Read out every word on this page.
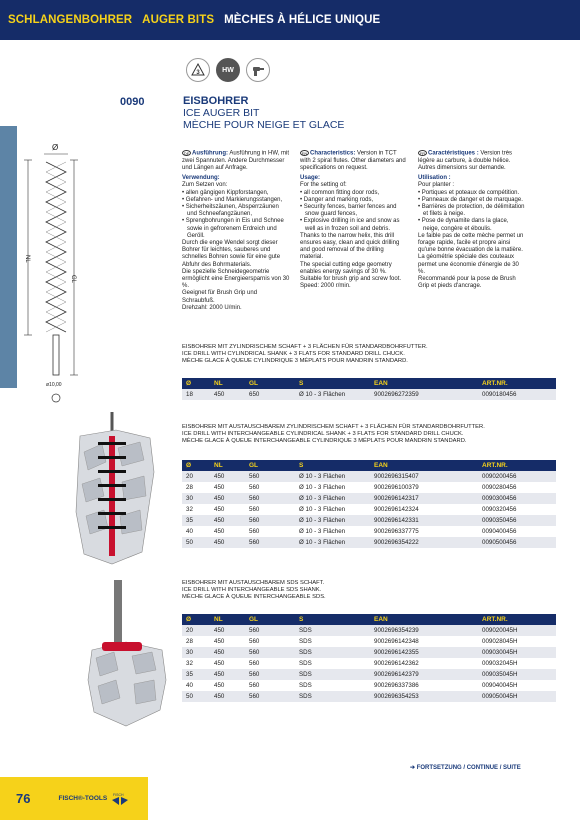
SCHLANGENBOHRER AUGER BITS MÈCHES À HÉLICE UNIQUE
3	HW
0090	EISBOHRER
ICE AUGER BIT
MÈCHE POUR NEIGE ET GLACE
Ø
NL
GL
ø10,00
DE Ausführung: Ausführung in HW, mit zwei Spannuten. Andere Durchmesser und Längen auf Anfrage.
Verwendung:
Zum Setzen von:
• allen gängigen Kippforstangen,
• Gefahren- und Markierungsstangen,
• Sicherheitszäunen, Absperrzäunen und Schneefangzäunen,
• Sprengbohrungen in Eis und Schnee sowie in gefrorenem Erdreich und Geröll.
Durch die enge Wendel sorgt dieser Bohrer für leichtes, sauberes und schnelles Bohren sowie für eine gute Abfuhr des Bohrmaterials.
Die spezielle Schneidegeometrie ermöglicht eine Energieersparnis von 30 %.
Geeignet für Brush Grip und Schraubfuß.
Drehzahl: 2000 U/min.
EN Characteristics: Version in TCT with 2 spiral flutes. Other diameters and specifications on request.
Usage:
For the setting of:
• all common fitting door rods,
• Danger and marking rods,
• Security fences, barrier fences and snow guard fences,
• Explosive drilling in ice and snow as well as in frozen soil and debris.
Thanks to the narrow helix, this drill ensures easy, clean and quick drilling and good removal of the drilling material.
The special cutting edge geometry enables energy savings of 30 %.
Suitable for brush grip and screw foot.
Speed: 2000 r/min.
FR Caractéristiques : Version très légère au carbure, à double hélice. Autres dimensions sur demande.
Utilisation :
Pour planter :
• Portiques et poteaux de compétition.
• Panneaux de danger et de marquage.
• Barrières de protection, de délimitation et filets à neige.
• Pose de dynamite dans la glace, neige, congère et éboulis.
Le faible pas de cette mèche permet un forage rapide, facile et propre ainsi qu'une bonne évacuation de la matière.
La géométrie spéciale des couteaux permet une économie d'énergie de 30 %.
Recommandé pour la pose de Brush Grip et pieds d'ancrage.
EISBOHRER MIT ZYLINDRISCHEM SCHAFT + 3 FLÄCHEN FÜR STANDARDBOHRFUTTER.
ICE DRILL WITH CYLINDRICAL SHANK + 3 FLATS FOR STANDARD DRILL CHUCK.
MÈCHE GLACE À QUEUE CYLINDRIQUE 3 MÉPLATS POUR MANDRIN STANDARD.
Ø	NL	GL	S	EAN	ART.NR.
18	450	650	Ø 10 - 3 Flächen	9002696272359	0090180456
EISBOHRER MIT AUSTAUSCHBAREM ZYLINDRISCHEM SCHAFT + 3 FLÄCHEN FÜR STANDARDBOHRFUTTER.
ICE DRILL WITH INTERCHANGEABLE CYLINDRICAL SHANK + 3 FLATS FOR STANDARD DRILL CHUCK.
MÈCHE GLACE À QUEUE INTERCHANGEABLE CYLINDRIQUE 3 MÉPLATS POUR MANDRIN STANDARD.
Ø	NL	GL	S	EAN	ART.NR.
20	450	560	Ø 10 - 3 Flächen	9002696315407	0090200456
28	450	560	Ø 10 - 3 Flächen	9002696100379	0090280456
30	450	560	Ø 10 - 3 Flächen	9002696142317	0090300456
32	450	560	Ø 10 - 3 Flächen	9002696142324	0090320456
35	450	560	Ø 10 - 3 Flächen	9002696142331	0090350456
40	450	560	Ø 10 - 3 Flächen	9002696337775	0090400456
50	450	560	Ø 10 - 3 Flächen	9002696354222	0090500456
EISBOHRER MIT AUSTAUSCHBAREM SDS SCHAFT.
ICE DRILL WITH INTERCHANGEABLE SDS SHANK.
MÈCHE GLACE À QUEUE INTERCHANGEABLE SDS.
Ø	NL	GL	S	EAN	ART.NR.
20	450	560	SDS	9002696354239	009020045H
28	450	560	SDS	9002696142348	009028045H
30	450	560	SDS	9002696142355	009030045H
32	450	560	SDS	9002696142362	009032045H
35	450	560	SDS	9002696142379	009035045H
40	450	560	SDS	9002696337386	009040045H
50	450	560	SDS	9002696354253	009050045H
➔ FORTSETZUNG / CONTINUE / SUITE
76	FISCH®-TOOLS
FISCH
